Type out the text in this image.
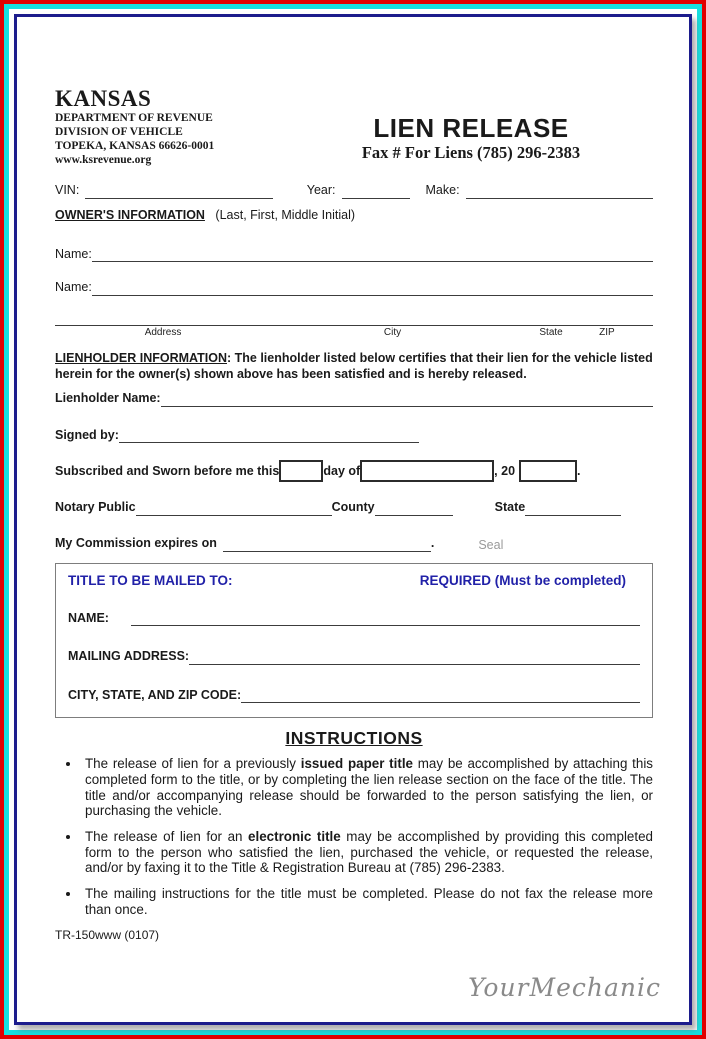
KANSAS
DEPARTMENT OF REVENUE
DIVISION OF VEHICLE
TOPEKA, KANSAS 66626-0001
www.ksrevenue.org
LIEN RELEASE
Fax # For Liens (785) 296-2383
VIN:	Year:	Make:
OWNER'S INFORMATION (Last, First, Middle Initial)
Name:
Name:
Address	City	State	ZIP

LIENHOLDER INFORMATION: The lienholder listed below certifies that their lien for the vehicle listed herein for the owner(s) shown above has been satisfied and is hereby released.

Lienholder Name:
Signed by:
Subscribed and Sworn before me this	day of	, 20	.
Notary Public	County	State
My Commission expires on	.	Seal
TITLE TO BE MAILED TO:	REQUIRED (Must be completed)
NAME:
MAILING ADDRESS:
CITY, STATE, AND ZIP CODE:
INSTRUCTIONS
• The release of lien for a previously issued paper title may be accomplished by attaching this completed form to the title, or by completing the lien release section on the face of the title. The title and/or accompanying release should be forwarded to the person satisfying the lien, or purchasing the vehicle.
• The release of lien for an electronic title may be accomplished by providing this completed form to the person who satisfied the lien, purchased the vehicle, or requested the release, and/or by faxing it to the Title & Registration Bureau at (785) 296-2383.
• The mailing instructions for the title must be completed. Please do not fax the release more than once.
TR-150www (0107)
YourMechanic
